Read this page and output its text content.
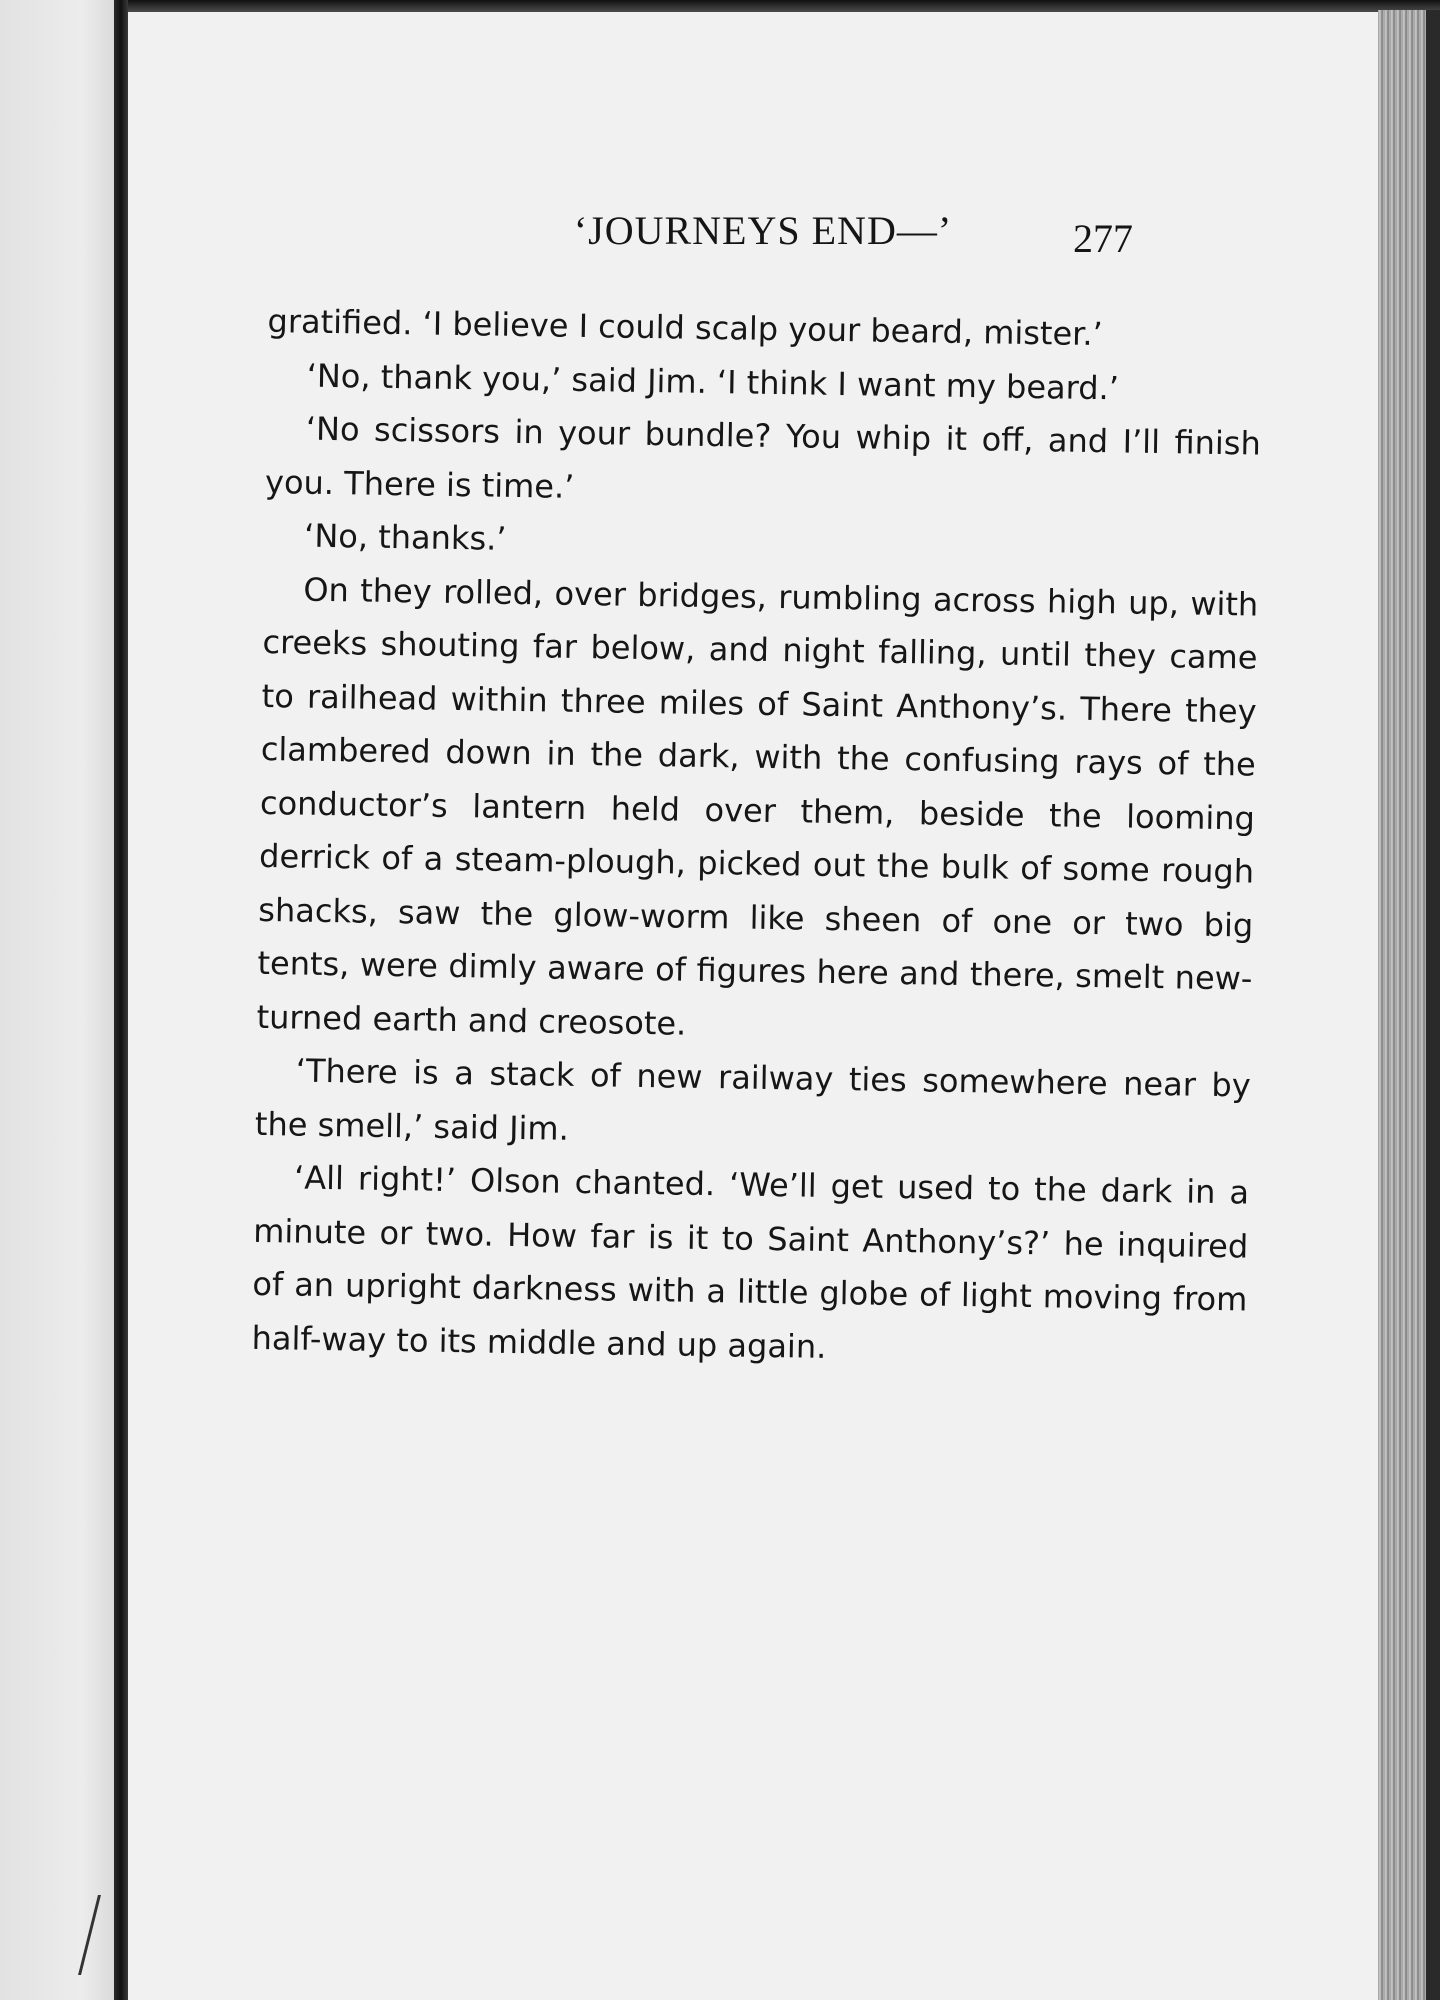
‘JOURNEYS END—’	277

gratified. ‘I believe I could scalp your beard, mister.’

‘No, thank you,’ said Jim. ‘I think I want my beard.’

‘No scissors in your bundle? You whip it off, and I’ll finish you. There is time.’

‘No, thanks.’

On they rolled, over bridges, rumbling across high up, with creeks shouting far below, and night falling, until they came to railhead within three miles of Saint Anthony’s. There they clambered down in the dark, with the confusing rays of the conductor’s lantern held over them, beside the looming derrick of a steam-plough, picked out the bulk of some rough shacks, saw the glow-worm like sheen of one or two big tents, were dimly aware of figures here and there, smelt new-turned earth and creosote.

‘There is a stack of new railway ties somewhere near by the smell,’ said Jim.

‘All right!’ Olson chanted. ‘We’ll get used to the dark in a minute or two. How far is it to Saint Anthony’s?’ he inquired of an upright darkness with a little globe of light moving from half-way to its middle and up again.
